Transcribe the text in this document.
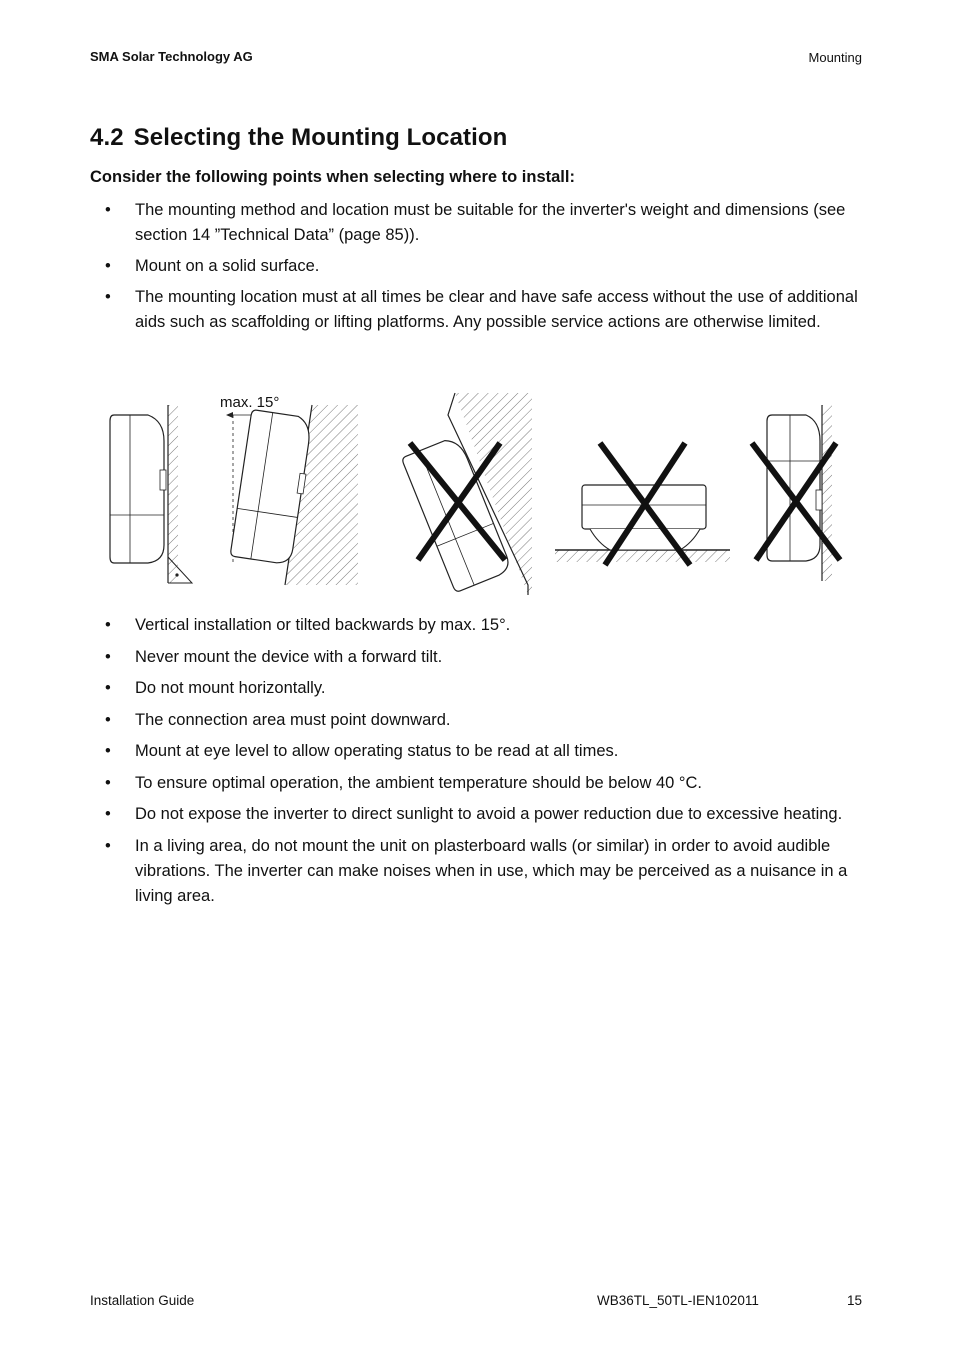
SMA Solar Technology AG	Mounting
4.2 Selecting the Mounting Location
Consider the following points when selecting where to install:
• The mounting method and location must be suitable for the inverter's weight and dimensions (see section 14 ”Technical Data” (page 85)).
• Mount on a solid surface.
• The mounting location must at all times be clear and have safe access without the use of additional aids such as scaffolding or lifting platforms. Any possible service actions are otherwise limited.
max. 15°
• Vertical installation or tilted backwards by max. 15°.
• Never mount the device with a forward tilt.
• Do not mount horizontally.
• The connection area must point downward.
• Mount at eye level to allow operating status to be read at all times.
• To ensure optimal operation, the ambient temperature should be below 40 °C.
• Do not expose the inverter to direct sunlight to avoid a power reduction due to excessive heating.
• In a living area, do not mount the unit on plasterboard walls (or similar) in order to avoid audible vibrations. The inverter can make noises when in use, which may be perceived as a nuisance in a living area.
Installation Guide	WB36TL_50TL-IEN102011	15
